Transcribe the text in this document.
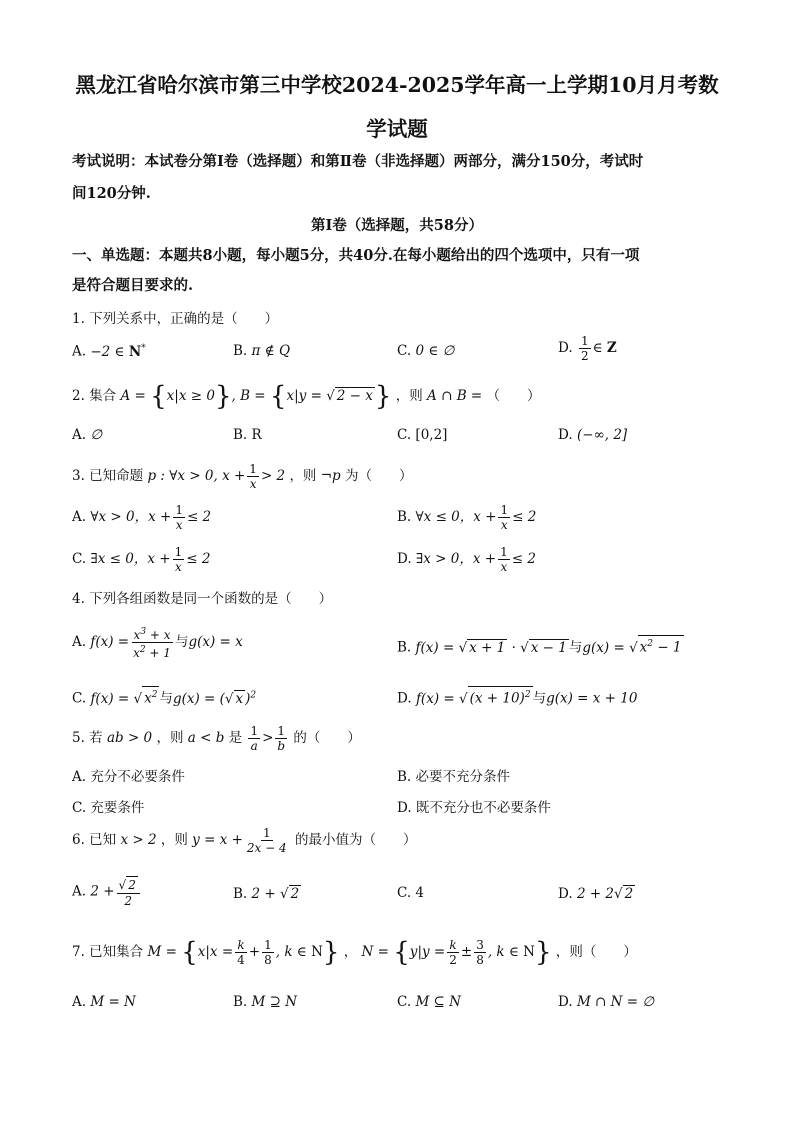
黑龙江省哈尔滨市第三中学校2024-2025学年高一上学期10月月考数
学试题
考试说明：本试卷分第Ⅰ卷（选择题）和第Ⅱ卷（非选择题）两部分，满分150分，考试时
间120分钟.
第Ⅰ卷（选择题，共58分）
一、单选题：本题共8小题，每小题5分，共40分.在每小题给出的四个选项中，只有一项
是符合题目要求的.
1. 下列关系中，正确的是（　　）
A. −2 ∈ N*	B. π ∉ Q	C. 0 ∈ ∅	D. $\frac{1}{2}$ ∈ Z
2. 集合 A = {x|x ≥ 0}, B = {x|y = √ 2 − x} ，则 A ∩ B = （　　）
A. ∅	B. R	C. [0,2]	D. (−∞, 2]
3. 已知命题 p : ∀x > 0, $x + \frac{1}{x} > 2$ ，则 ¬p 为（　　）
A. ∀x > 0，$x + \frac{1}{x} \le 2$	B. ∀x ≤ 0，$x + \frac{1}{x} \le 2$
C. ∃x ≤ 0，$x + \frac{1}{x} \le 2$	D. ∃x > 0，$x + \frac{1}{x} \le 2$
4. 下列各组函数是同一个函数的是（　　）
A. $f(x) = \frac{x^3 + x}{x^2 + 1}$ 与g(x) = x	B. f(x) = √ x + 1 · √ x − 1 与g(x) = √ $x^2 - 1$
C. f(x) = √ $x^2$ 与g(x) = (√ x )$^2$	D. f(x) = √ $(x + 10)^2$ 与g(x) = x + 10
5. 若 ab > 0 ，则 a < b 是 $\frac{1}{a} > \frac{1}{b}$ 的（　　）
A. 充分不必要条件	B. 必要不充分条件
C. 充要条件	D. 既不充分也不必要条件
6. 已知 x > 2 ，则 $y = x + \frac{1}{2x - 4}$ 的最小值为（　　）
A. $2 + \frac{√ 2}{2}$	B. 2 + √ 2	C. 4	D. 2 + 2√ 2
7. 已知集合 $M = \{x|x = \frac{k}{4} + \frac{1}{8}$ , k ∈ N} ， $N = \{y|y = \frac{k}{2} \pm \frac{3}{8}$ , k ∈ N} ，则（　　）
A. M = N	B. M ⊇ N	C. M ⊆ N	D. M ∩ N = ∅
